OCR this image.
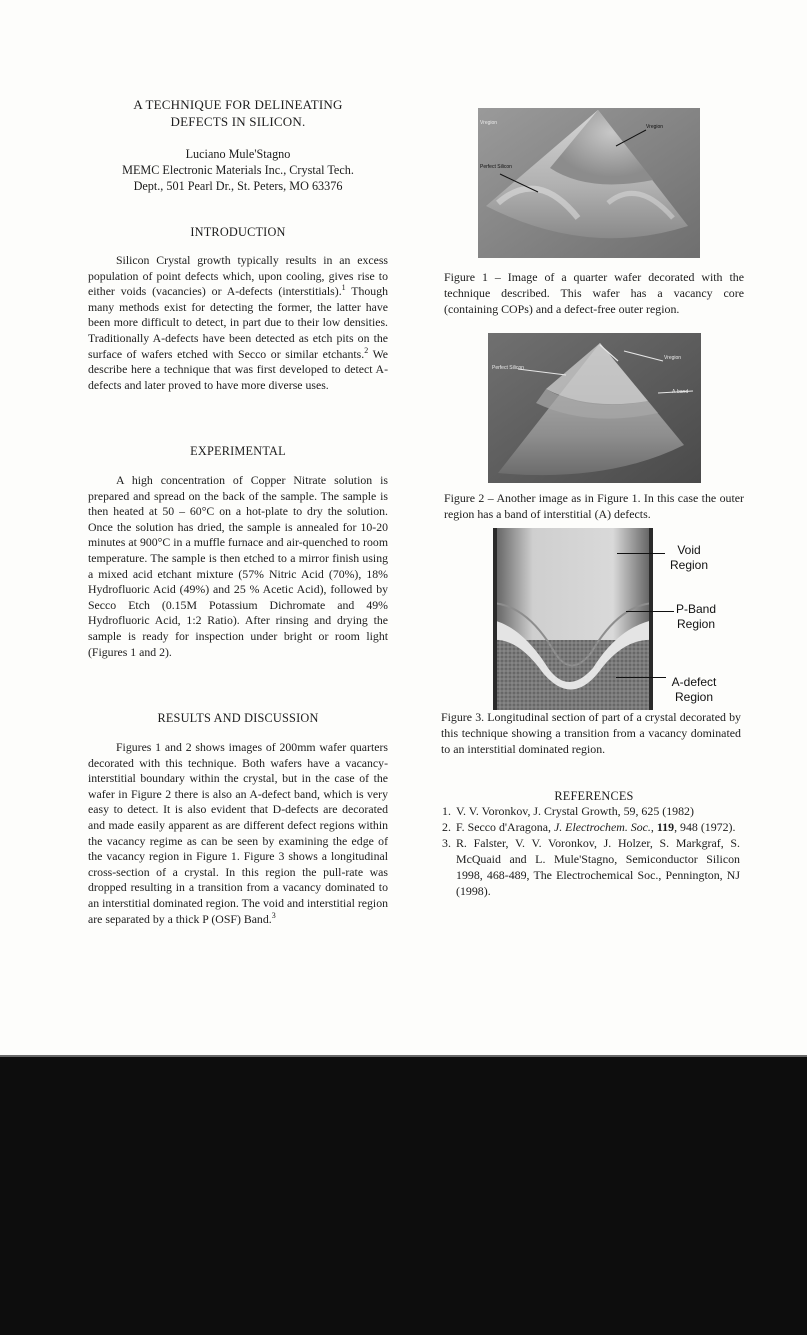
A TECHNIQUE FOR DELINEATING
DEFECTS IN SILICON.
Luciano Mule'Stagno
MEMC Electronic Materials Inc., Crystal Tech.
Dept., 501 Pearl Dr., St. Peters, MO 63376
INTRODUCTION

Silicon Crystal growth typically results in an excess population of point defects which, upon cooling, gives rise to either voids (vacancies) or A-defects (interstitials).$^1$ Though many methods exist for detecting the former, the latter have been more difficult to detect, in part due to their low densities. Traditionally A-defects have been detected as etch pits on the surface of wafers etched with Secco or similar etchants.$^2$ We describe here a technique that was first developed to detect A-defects and later proved to have more diverse uses.

EXPERIMENTAL

A high concentration of Copper Nitrate solution is prepared and spread on the back of the sample. The sample is then heated at 50 – 60°C on a hot-plate to dry the solution. Once the solution has dried, the sample is annealed for 10-20 minutes at 900°C in a muffle furnace and air-quenched to room temperature. The sample is then etched to a mirror finish using a mixed acid etchant mixture (57% Nitric Acid (70%), 18% Hydrofluoric Acid (49%) and 25 % Acetic Acid), followed by Secco Etch (0.15M Potassium Dichromate and 49% Hydrofluoric Acid, 1:2 Ratio). After rinsing and drying the sample is ready for inspection under bright or room light (Figures 1 and 2).

RESULTS AND DISCUSSION

Figures 1 and 2 shows images of 200mm wafer quarters decorated with this technique. Both wafers have a vacancy-interstitial boundary within the crystal, but in the case of the wafer in Figure 2 there is also an A-defect band, which is very easy to detect. It is also evident that D-defects are decorated and made easily apparent as are different defect regions within the vacancy regime as can be seen by examining the edge of the vacancy region in Figure 1. Figure 3 shows a longitudinal cross-section of a crystal. In this region the pull-rate was dropped resulting in a transition from a vacancy dominated to an interstitial dominated region. The void and interstitial region are separated by a thick P (OSF) Band.$^3$

Vregion
Vregion
Perfect Silicon

Figure 1 – Image of a quarter wafer decorated with the technique described. This wafer has a vacancy core (containing COPs) and a defect-free outer region.

Vregion
Perfect Silicon
A-band

Figure 2 – Another image as in Figure 1. In this case the outer region has a band of interstitial (A) defects.

Void
Region
P-Band
Region
A-defect
Region

Figure 3. Longitudinal section of part of a crystal decorated by this technique showing a transition from a vacancy dominated to an interstitial dominated region.

REFERENCES
1. V. V. Voronkov, J. Crystal Growth, 59, 625 (1982)
2. F. Secco d'Aragona, J. Electrochem. Soc., 119, 948 (1972).
3. R. Falster, V. V. Voronkov, J. Holzer, S. Markgraf, S. McQuaid and L. Mule'Stagno, Semiconductor Silicon 1998, 468-489, The Electrochemical Soc., Pennington, NJ (1998).
